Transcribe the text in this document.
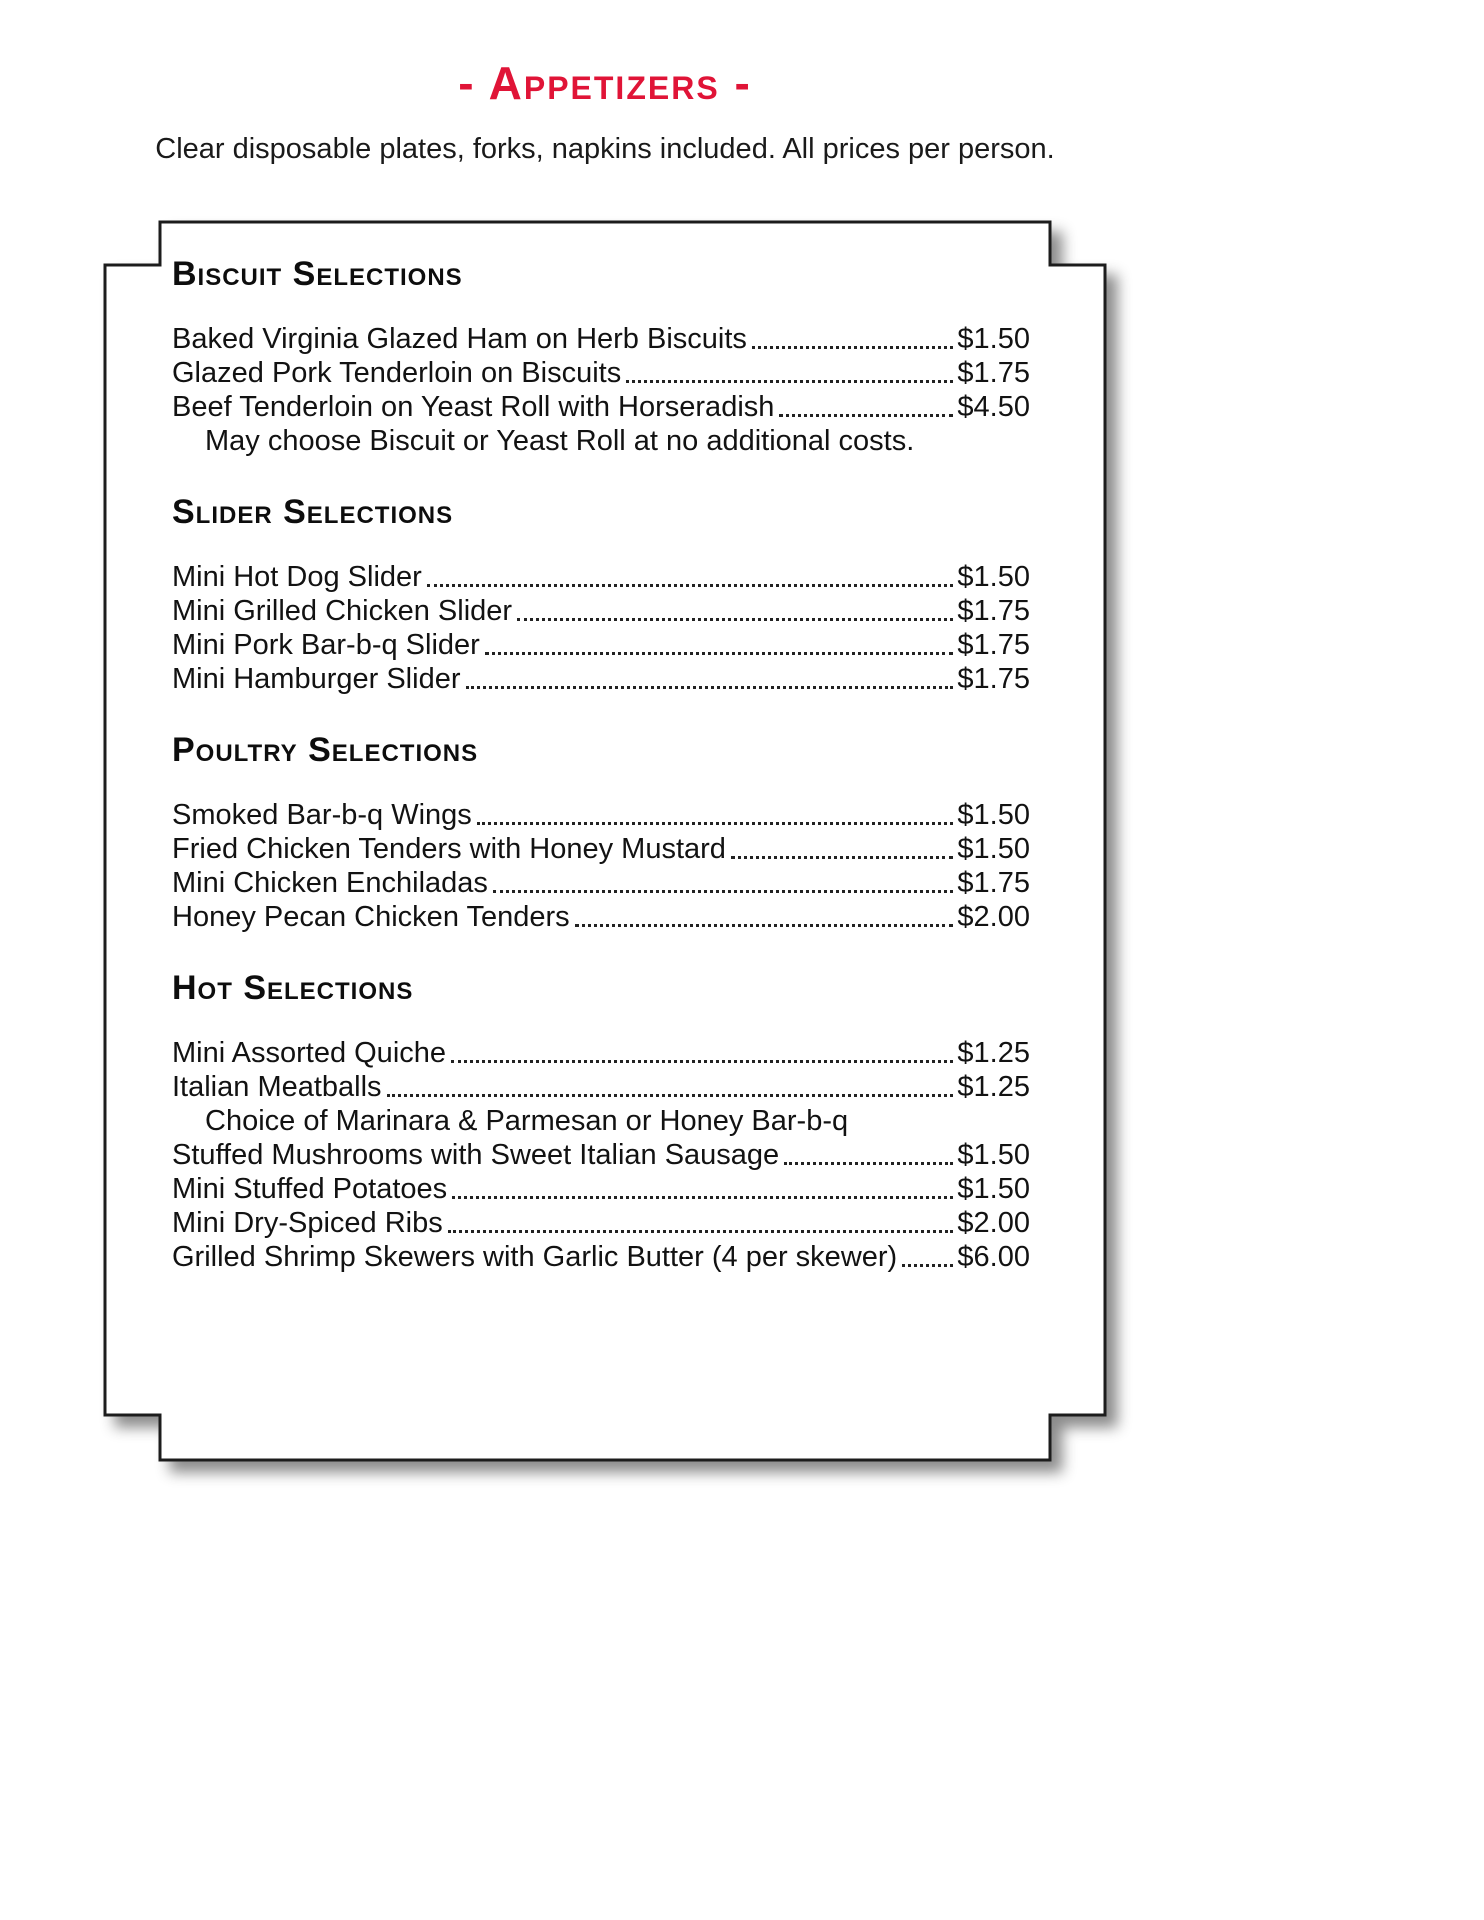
- Appetizers -
Clear disposable plates, forks, napkins included. All prices per person.
Biscuit Selections
Baked Virginia Glazed Ham on Herb Biscuits	$1.50
Glazed Pork Tenderloin on Biscuits	$1.75
Beef Tenderloin on Yeast Roll with Horseradish	$4.50
May choose Biscuit or Yeast Roll at no additional costs.
Slider Selections
Mini Hot Dog Slider	$1.50
Mini Grilled Chicken Slider	$1.75
Mini Pork Bar-b-q Slider	$1.75
Mini Hamburger Slider	$1.75
Poultry Selections
Smoked Bar-b-q Wings	$1.50
Fried Chicken Tenders with Honey Mustard	$1.50
Mini Chicken Enchiladas	$1.75
Honey Pecan Chicken Tenders	$2.00
Hot Selections
Mini Assorted Quiche	$1.25
Italian Meatballs	$1.25
Choice of Marinara & Parmesan or Honey Bar-b-q
Stuffed Mushrooms with Sweet Italian Sausage	$1.50
Mini Stuffed Potatoes	$1.50
Mini Dry-Spiced Ribs	$2.00
Grilled Shrimp Skewers with Garlic Butter (4 per skewer) $6.00
